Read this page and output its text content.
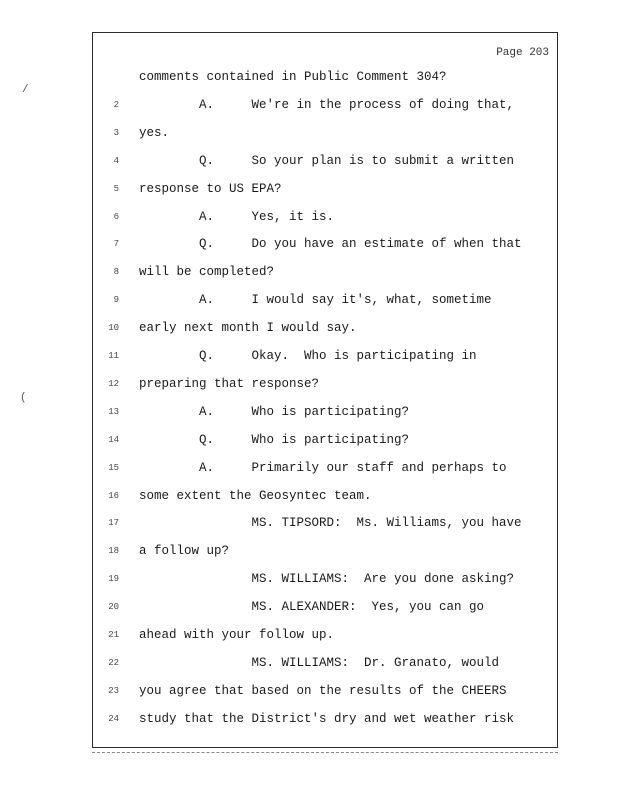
/
(
Page 203
comments contained in Public Comment 304?
2 A.     We're in the process of doing that,
3 yes.
4 Q.     So your plan is to submit a written
5 response to US EPA?
6 A.     Yes, it is.
7 Q.     Do you have an estimate of when that
8 will be completed?
9 A.     I would say it's, what, sometime
10 early next month I would say.
11 Q.     Okay.  Who is participating in
12 preparing that response?
13 A.     Who is participating?
14 Q.     Who is participating?
15 A.     Primarily our staff and perhaps to
16 some extent the Geosyntec team.
17 MS. TIPSORD:  Ms. Williams, you have
18 a follow up?
19 MS. WILLIAMS:  Are you done asking?
20 MS. ALEXANDER:  Yes, you can go
21 ahead with your follow up.
22 MS. WILLIAMS:  Dr. Granato, would
23 you agree that based on the results of the CHEERS
24 study that the District's dry and wet weather risk
